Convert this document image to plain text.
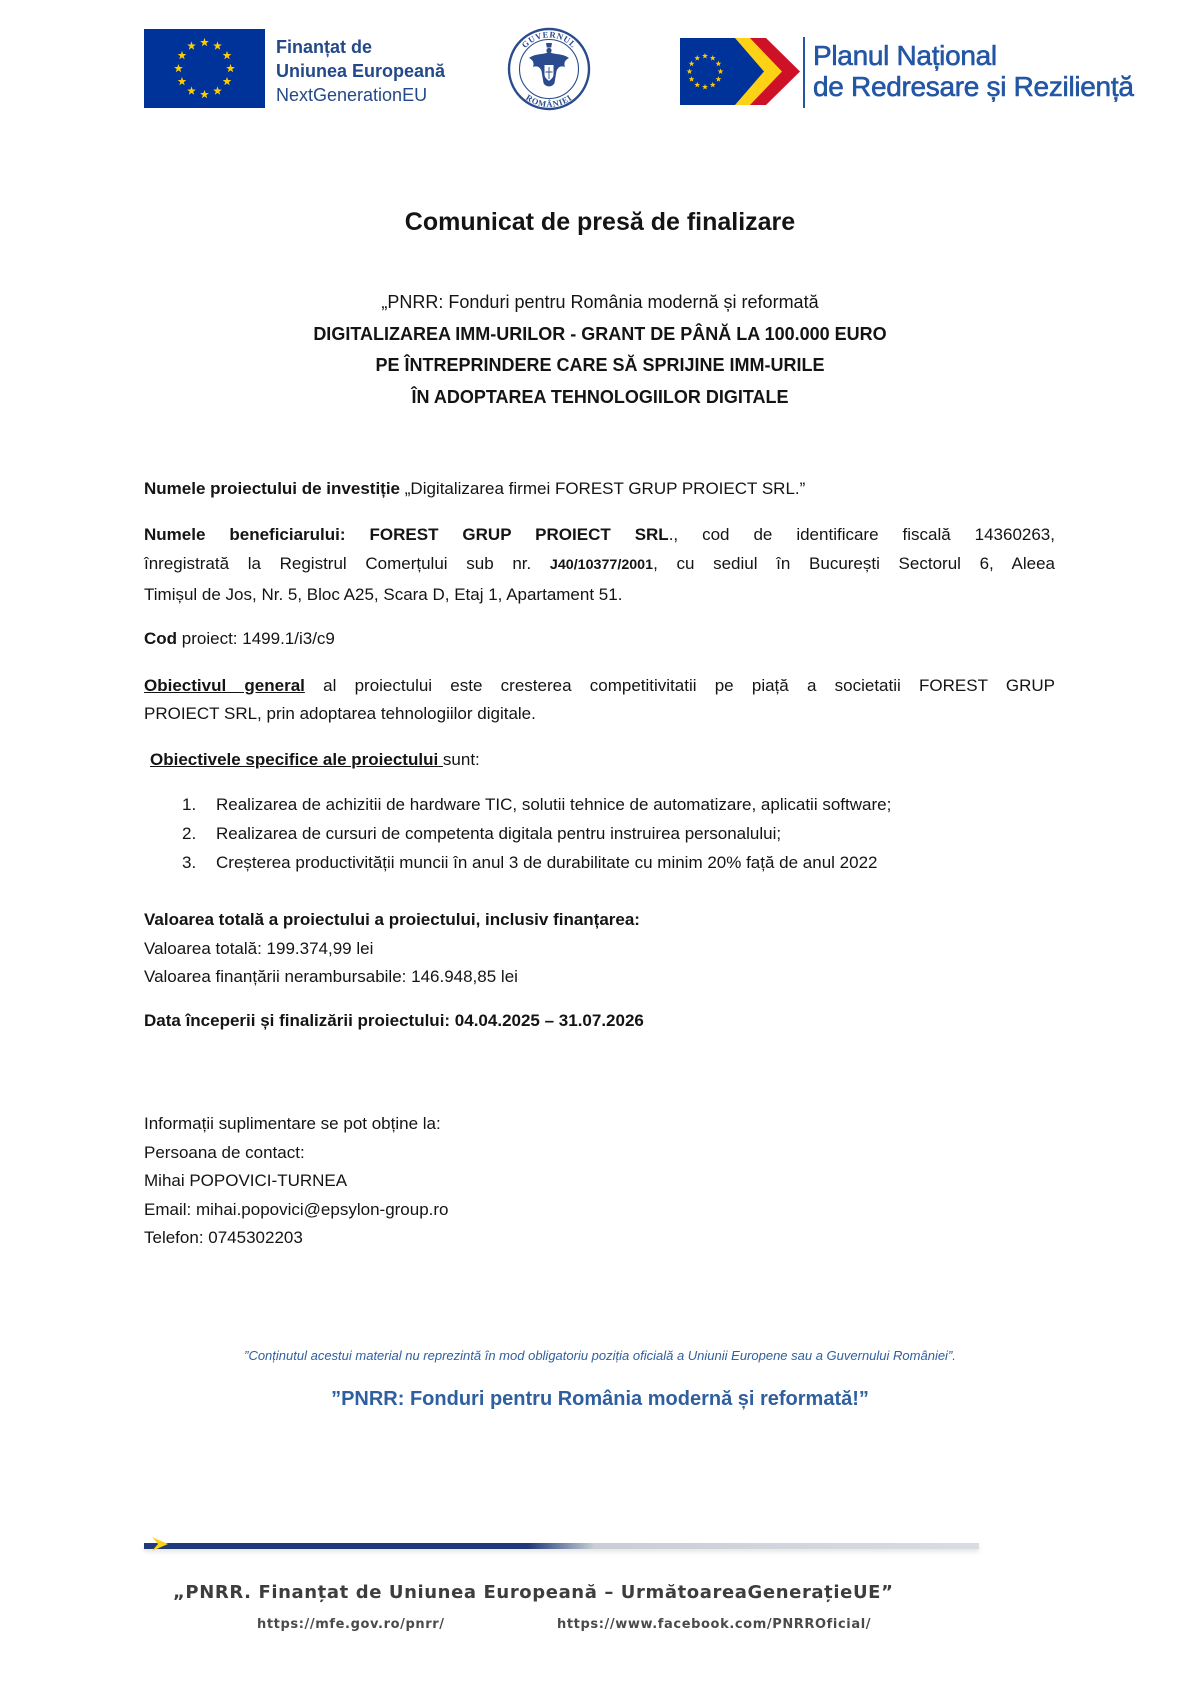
Finanțat de
Uniunea Europeană
NextGenerationEU
GUVERNUL
ROMÂNIEI
Planul Național
de Redresare și Reziliență
Comunicat de presă de finalizare
„PNRR: Fonduri pentru România modernă și reformată
DIGITALIZAREA IMM-URILOR - GRANT DE PÂNĂ LA 100.000 EURO
PE ÎNTREPRINDERE CARE SĂ SPRIJINE IMM-URILE
ÎN ADOPTAREA TEHNOLOGIILOR DIGITALE
Numele proiectului de investiție „Digitalizarea firmei FOREST GRUP PROIECT SRL.”
Numele beneficiarului: FOREST GRUP PROIECT SRL., cod de identificare fiscală 14360263,
înregistrată la Registrul Comerțului sub nr. J40/10377/2001, cu sediul în București Sectorul 6, Aleea
Timișul de Jos, Nr. 5, Bloc A25, Scara D, Etaj 1, Apartament 51.
Cod proiect: 1499.1/i3/c9
Obiectivul general al proiectului este cresterea competitivitatii pe piață a societatii FOREST GRUP
PROIECT SRL, prin adoptarea tehnologiilor digitale.
Obiectivele specifice ale proiectului sunt:
1. Realizarea de achizitii de hardware TIC, solutii tehnice de automatizare, aplicatii software;
2. Realizarea de cursuri de competenta digitala pentru instruirea personalului;
3. Creșterea productivității muncii în anul 3 de durabilitate cu minim 20% față de anul 2022
Valoarea totală a proiectului a proiectului, inclusiv finanțarea:
Valoarea totală: 199.374,99 lei
Valoarea finanțării nerambursabile: 146.948,85 lei
Data începerii și finalizării proiectului: 04.04.2025 – 31.07.2026
Informații suplimentare se pot obține la:
Persoana de contact:
Mihai POPOVICI-TURNEA
Email: mihai.popovici@epsylon-group.ro
Telefon: 0745302203
”Conținutul acestui material nu reprezintă în mod obligatoriu poziția oficială a Uniunii Europene sau a Guvernului României”.
”PNRR: Fonduri pentru România modernă și reformată!”
„PNRR. Finanțat de Uniunea Europeană – UrmătoareaGenerațieUE”
https://mfe.gov.ro/pnrr/	https://www.facebook.com/PNRROficial/
